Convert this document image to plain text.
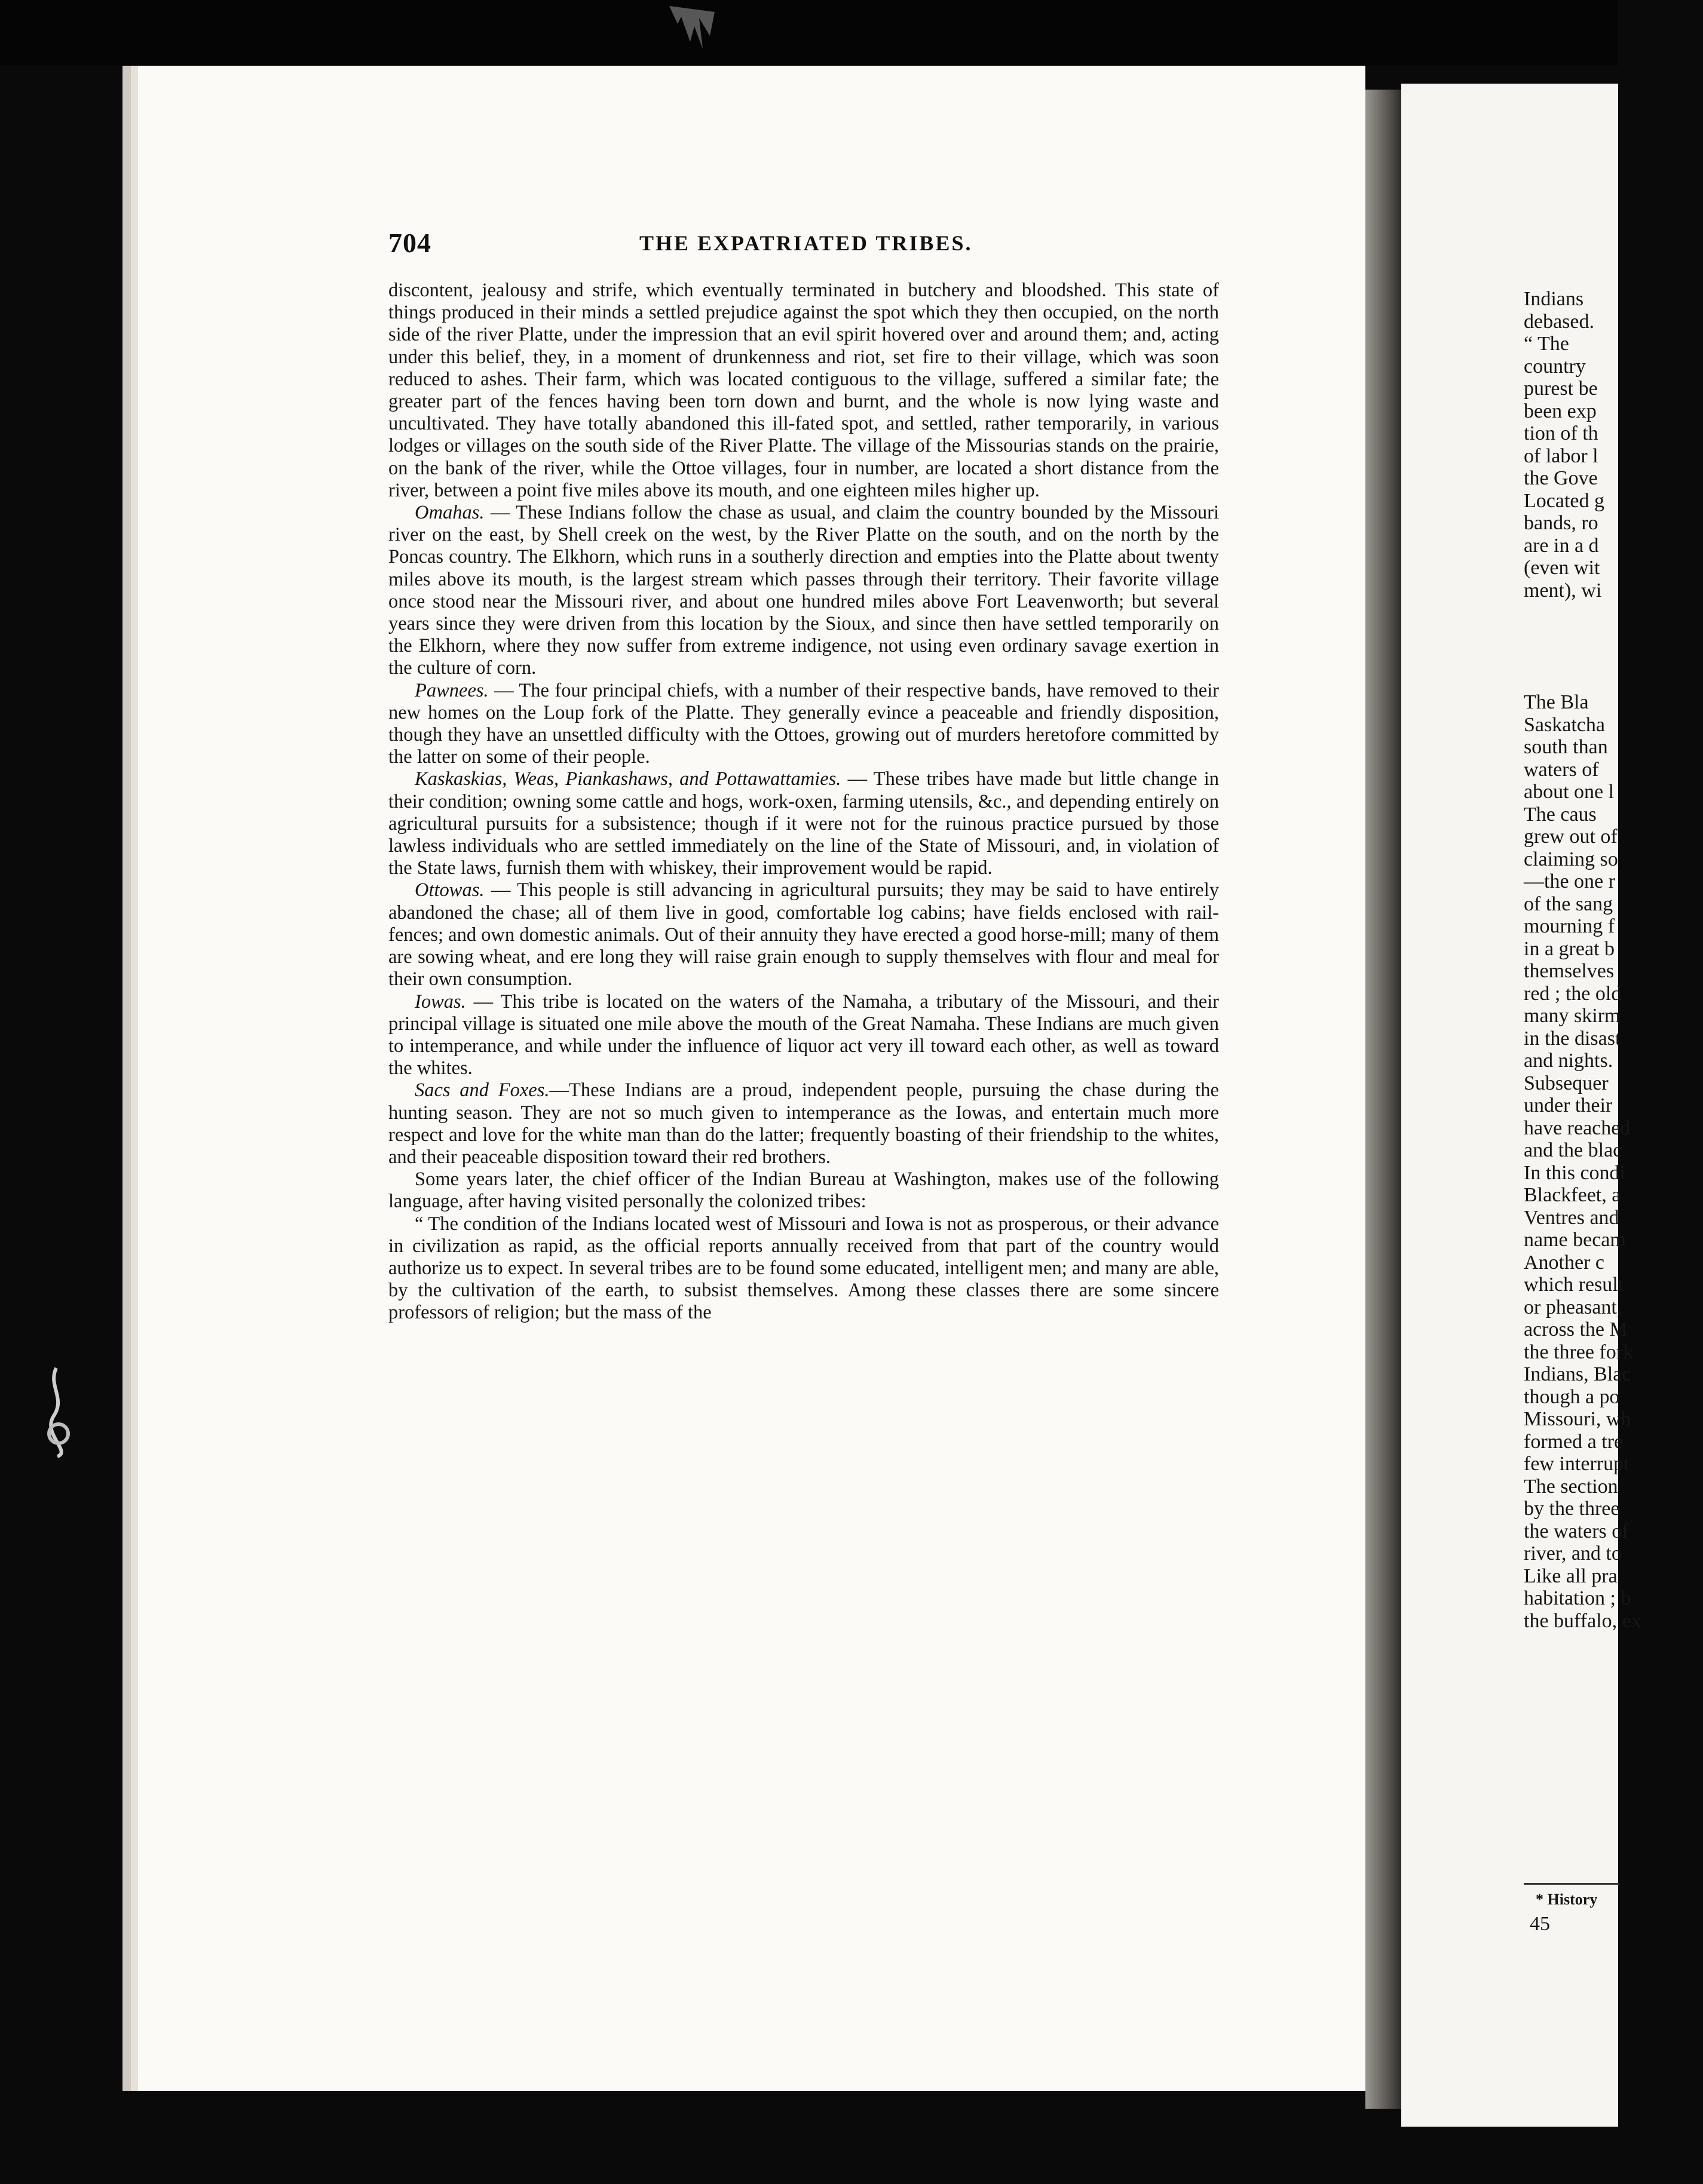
Indians
debased.
“ The
country
purest be
been exp
tion of th
of labor l
the Gove
Located g
bands, ro
are in a d
(even wit
ment), wi
The Bla
Saskatcha
south than
waters of
about one l
The caus
grew out of
claiming so
—the one r
of the sang
mourning f
in a great b
themselves
red ; the old
many skirm
in the disast
and nights.
Subsequer
under their
have reached
and the blac
In this condi
Blackfeet, a
Ventres and
name becam
Another c
which result
or pheasant,
across the M
the three fork
Indians, Blac
though a po
Missouri, wh
formed a tre
few interrupt
The section
by the three
the waters of
river, and to
Like all pra
habitation ; b
the buffalo, ex
* History
45
704	THE EXPATRIATED TRIBES.

discontent, jealousy and strife, which eventually terminated in butchery and bloodshed. This state of things produced in their minds a settled prejudice against the spot which they then occupied, on the north side of the river Platte, under the impression that an evil spirit hovered over and around them; and, acting under this belief, they, in a moment of drunkenness and riot, set fire to their village, which was soon reduced to ashes. Their farm, which was located contiguous to the village, suffered a similar fate; the greater part of the fences having been torn down and burnt, and the whole is now lying waste and uncultivated. They have totally abandoned this ill-fated spot, and settled, rather temporarily, in various lodges or villages on the south side of the River Platte. The village of the Missourias stands on the prairie, on the bank of the river, while the Ottoe villages, four in number, are located a short distance from the river, between a point five miles above its mouth, and one eighteen miles higher up.

Omahas. — These Indians follow the chase as usual, and claim the country bounded by the Missouri river on the east, by Shell creek on the west, by the River Platte on the south, and on the north by the Poncas country. The Elkhorn, which runs in a southerly direction and empties into the Platte about twenty miles above its mouth, is the largest stream which passes through their territory. Their favorite village once stood near the Missouri river, and about one hundred miles above Fort Leavenworth; but several years since they were driven from this location by the Sioux, and since then have settled temporarily on the Elkhorn, where they now suffer from extreme indigence, not using even ordinary savage exertion in the culture of corn.

Pawnees. — The four principal chiefs, with a number of their respective bands, have removed to their new homes on the Loup fork of the Platte. They generally evince a peaceable and friendly disposition, though they have an unsettled difficulty with the Ottoes, growing out of murders heretofore committed by the latter on some of their people.

Kaskaskias, Weas, Piankashaws, and Pottawattamies. — These tribes have made but little change in their condition; owning some cattle and hogs, work-oxen, farming utensils, &c., and depending entirely on agricultural pursuits for a subsistence; though if it were not for the ruinous practice pursued by those lawless individuals who are settled immediately on the line of the State of Missouri, and, in violation of the State laws, furnish them with whiskey, their improvement would be rapid.

Ottowas. — This people is still advancing in agricultural pursuits; they may be said to have entirely abandoned the chase; all of them live in good, comfortable log cabins; have fields enclosed with rail-fences; and own domestic animals. Out of their annuity they have erected a good horse-mill; many of them are sowing wheat, and ere long they will raise grain enough to supply themselves with flour and meal for their own consumption.

Iowas. — This tribe is located on the waters of the Namaha, a tributary of the Missouri, and their principal village is situated one mile above the mouth of the Great Namaha. These Indians are much given to intemperance, and while under the influence of liquor act very ill toward each other, as well as toward the whites.

Sacs and Foxes.—These Indians are a proud, independent people, pursuing the chase during the hunting season. They are not so much given to intemperance as the Iowas, and entertain much more respect and love for the white man than do the latter; frequently boasting of their friendship to the whites, and their peaceable disposition toward their red brothers.

Some years later, the chief officer of the Indian Bureau at Washington, makes use of the following language, after having visited personally the colonized tribes:

“ The condition of the Indians located west of Missouri and Iowa is not as prosperous, or their advance in civilization as rapid, as the official reports annually received from that part of the country would authorize us to expect. In several tribes are to be found some educated, intelligent men; and many are able, by the cultivation of the earth, to subsist themselves. Among these classes there are some sincere professors of religion; but the mass of the
